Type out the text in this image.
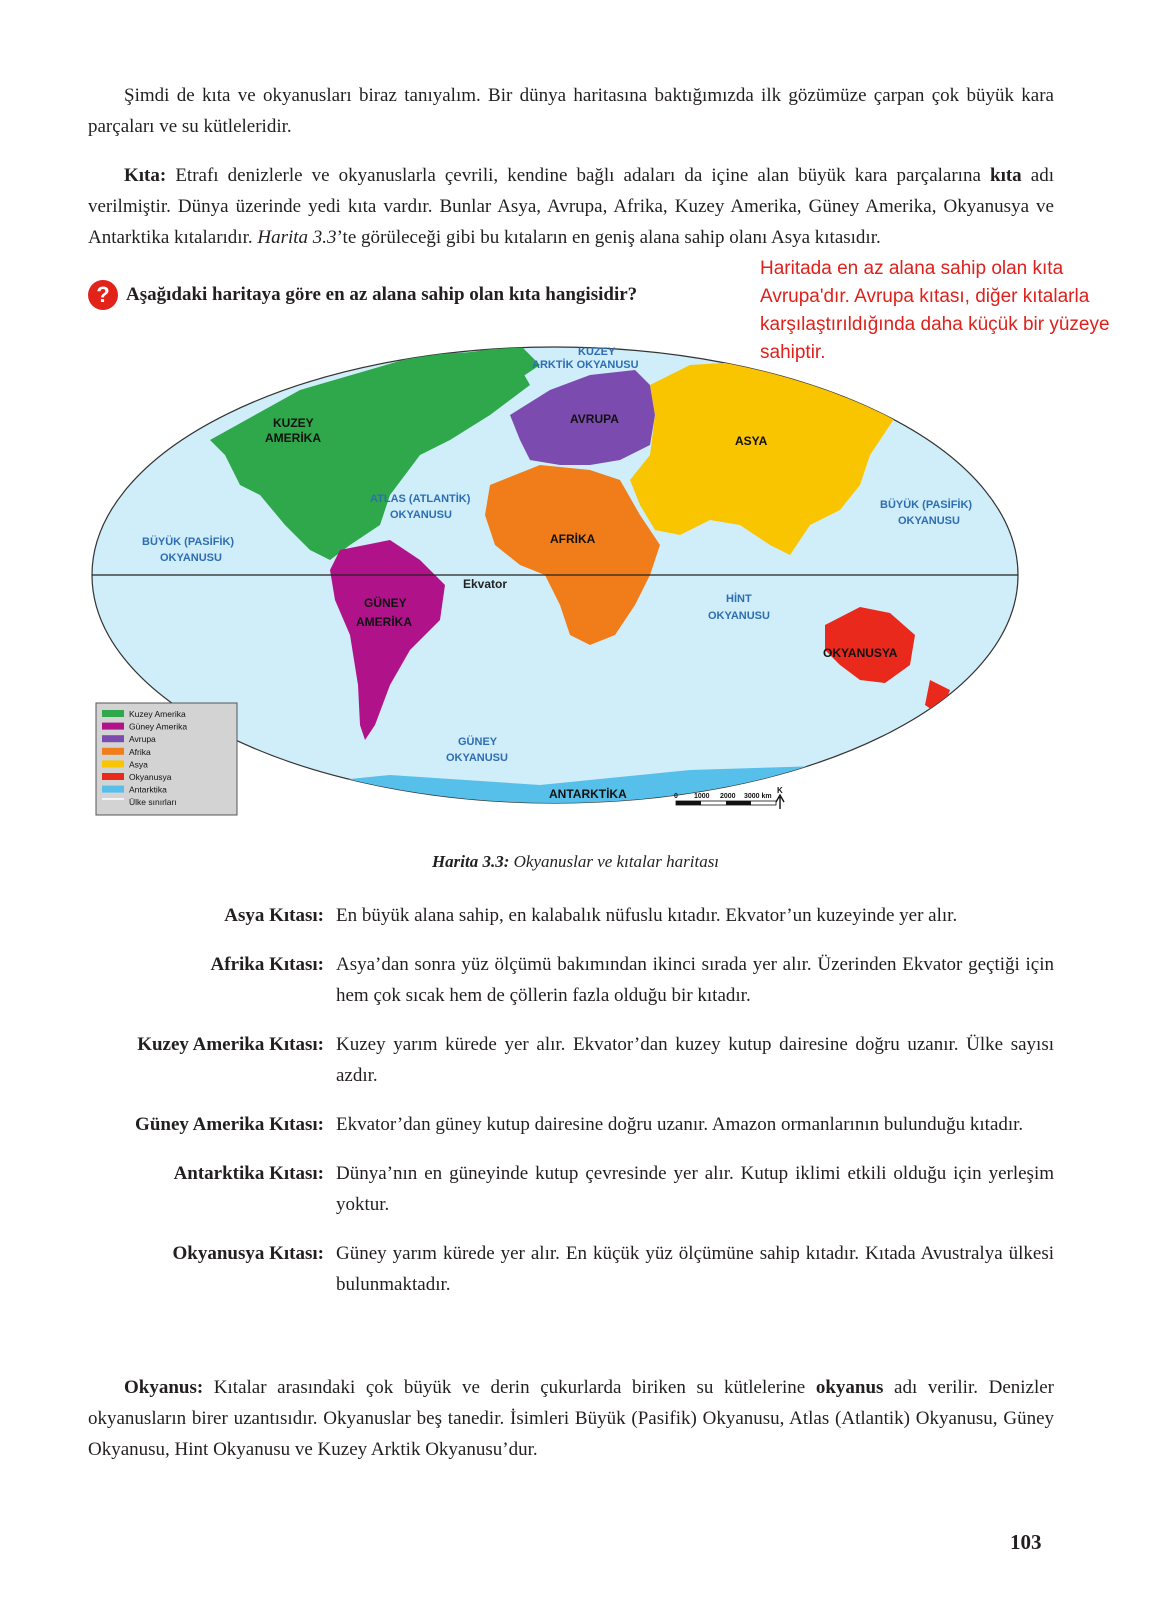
Şimdi de kıta ve okyanusları biraz tanıyalım. Bir dünya haritasına baktığımızda ilk gözümüze çarpan çok büyük kara parçaları ve su kütleleridir.

Kıta: Etrafı denizlerle ve okyanuslarla çevrili, kendine bağlı adaları da içine alan büyük kara parçalarına kıta adı verilmiştir. Dünya üzerinde yedi kıta vardır. Bunlar Asya, Avrupa, Afrika, Kuzey Amerika, Güney Amerika, Okyanusya ve Antarktika kıtalarıdır. Harita 3.3’te görüleceği gibi bu kıtaların en geniş alana sahip olanı Asya kıtasıdır.

? Aşağıdaki haritaya göre en az alana sahip olan kıta hangisidir?
Haritada en az alana sahip olan kıta Avrupa'dır. Avrupa kıtası, diğer kıtalarla karşılaştırıldığında daha küçük bir yüzeye sahiptir.
Ekvator
KUZEY
AMERİKA
GÜNEY
AMERİKA
AVRUPA
ASYA
AFRİKA
OKYANUSYA
ANTARKTİKA
KUZEY
ARKTİK OKYANUSU
ATLAS (ATLANTİK)
OKYANUSU
BÜYÜK (PASİFİK)
OKYANUSU
BÜYÜK (PASİFİK)
OKYANUSU
HİNT
OKYANUSU
GÜNEY
OKYANUSU
0 1000 2000 3000 km
K
Kuzey Amerika
Güney Amerika
Avrupa
Afrika
Asya
Okyanusya
Antarktika
Ülke sınırları
Harita 3.3: Okyanuslar ve kıtalar haritası
Asya Kıtası: En büyük alana sahip, en kalabalık nüfuslu kıtadır. Ekvator’un kuzeyinde yer alır.
Afrika Kıtası: Asya’dan sonra yüz ölçümü bakımından ikinci sırada yer alır. Üzerinden Ekvator geçtiği için hem çok sıcak hem de çöllerin fazla olduğu bir kıtadır.
Kuzey Amerika Kıtası: Kuzey yarım kürede yer alır. Ekvator’dan kuzey kutup dairesine doğru uzanır. Ülke sayısı azdır.
Güney Amerika Kıtası: Ekvator’dan güney kutup dairesine doğru uzanır. Amazon ormanlarının bulunduğu kıtadır.
Antarktika Kıtası: Dünya’nın en güneyinde kutup çevresinde yer alır. Kutup iklimi etkili olduğu için yerleşim yoktur.
Okyanusya Kıtası: Güney yarım kürede yer alır. En küçük yüz ölçümüne sahip kıtadır. Kıtada Avustralya ülkesi bulunmaktadır.

Okyanus: Kıtalar arasındaki çok büyük ve derin çukurlarda biriken su kütlelerine okyanus adı verilir. Denizler okyanusların birer uzantısıdır. Okyanuslar beş tanedir. İsimleri Büyük (Pasifik) Okyanusu, Atlas (Atlantik) Okyanusu, Güney Okyanusu, Hint Okyanusu ve Kuzey Arktik Okyanusu’dur.

103
